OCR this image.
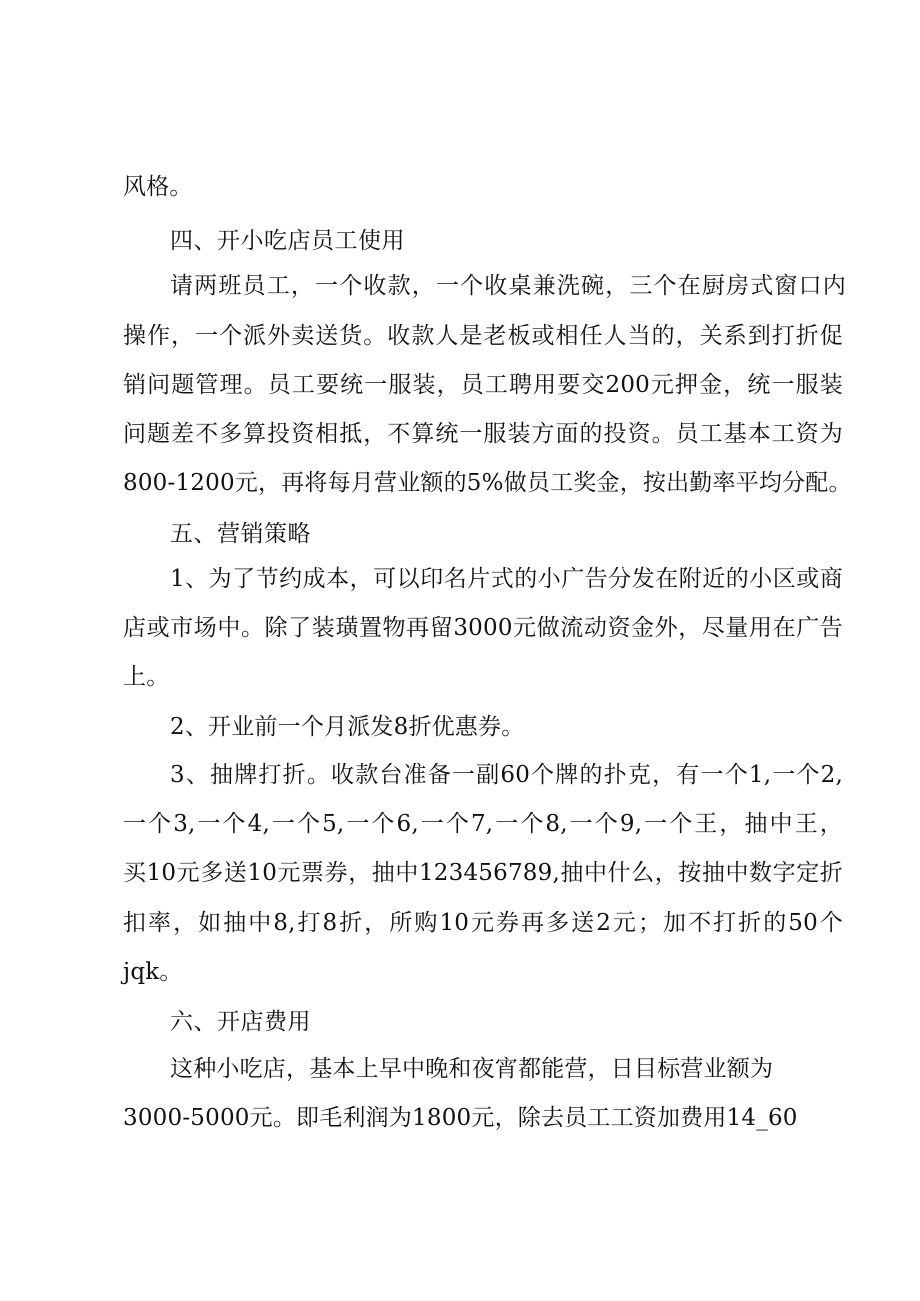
风格。
四、开小吃店员工使用
请两班员工，一个收款，一个收桌兼洗碗，三个在厨房式窗口内
操作，一个派外卖送货。收款人是老板或相任人当的，关系到打折促
销问题管理。员工要统一服装，员工聘用要交200元押金，统一服装
问题差不多算投资相抵，不算统一服装方面的投资。员工基本工资为
800-1200元，再将每月营业额的5%做员工奖金，按出勤率平均分配。
五、营销策略
1、为了节约成本，可以印名片式的小广告分发在附近的小区或商
店或市场中。除了装璜置物再留3000元做流动资金外，尽量用在广告
上。
2、开业前一个月派发8折优惠券。
3、抽牌打折。收款台准备一副60个牌的扑克，有一个1,一个2,
一个3,一个4,一个5,一个6,一个7,一个8,一个9,一个王，抽中王，
买10元多送10元票券，抽中123456789,抽中什么，按抽中数字定折
扣率，如抽中8,打8折，所购10元券再多送2元；加不打折的50个
jqk。
六、开店费用
这种小吃店，基本上早中晚和夜宵都能营，日目标营业额为
3000-5000元。即毛利润为1800元，除去员工工资加费用14_60
